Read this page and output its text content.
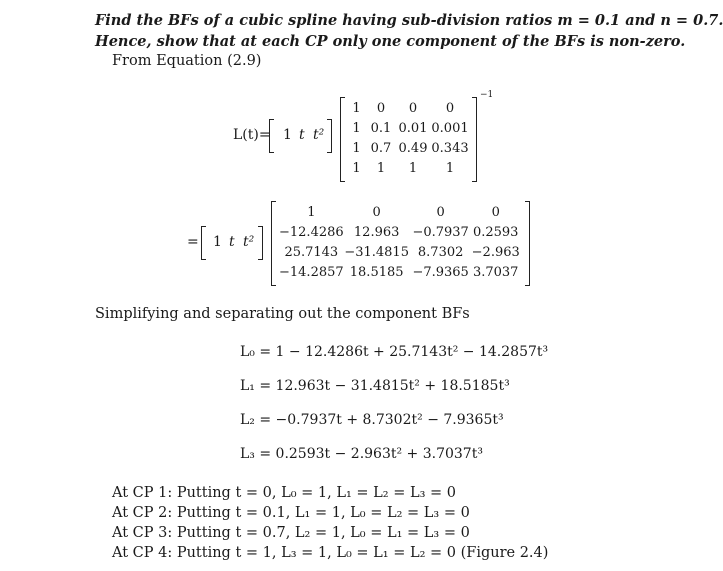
Find the BFs of a cubic spline having sub-division ratios m = 0.1 and n = 0.7.
Hence, show that at each CP only one component of the BFs is non-zero.
From Equation (2.9)
L(t)= 1 t t²
1	0	0	0
1	0.1	0.01	0.001
1	0.7	0.49	0.343
1	1	1	1
−1
= 1 t t²
1	0	0	0
−12.4286	12.963	−0.7937	0.2593
25.7143	−31.4815	8.7302	−2.963
−14.2857	18.5185	−7.9365	3.7037
Simplifying and separating out the component BFs
L₀ = 1 − 12.4286t + 25.7143t² − 14.2857t³
L₁ = 12.963t − 31.4815t² + 18.5185t³
L₂ = −0.7937t + 8.7302t² − 7.9365t³
L₃ = 0.2593t − 2.963t² + 3.7037t³
At CP 1: Putting t = 0, L₀ = 1, L₁ = L₂ = L₃ = 0
At CP 2: Putting t = 0.1, L₁ = 1, L₀ = L₂ = L₃ = 0
At CP 3: Putting t = 0.7, L₂ = 1, L₀ = L₁ = L₃ = 0
At CP 4: Putting t = 1, L₃ = 1, L₀ = L₁ = L₂ = 0 (Figure 2.4)
